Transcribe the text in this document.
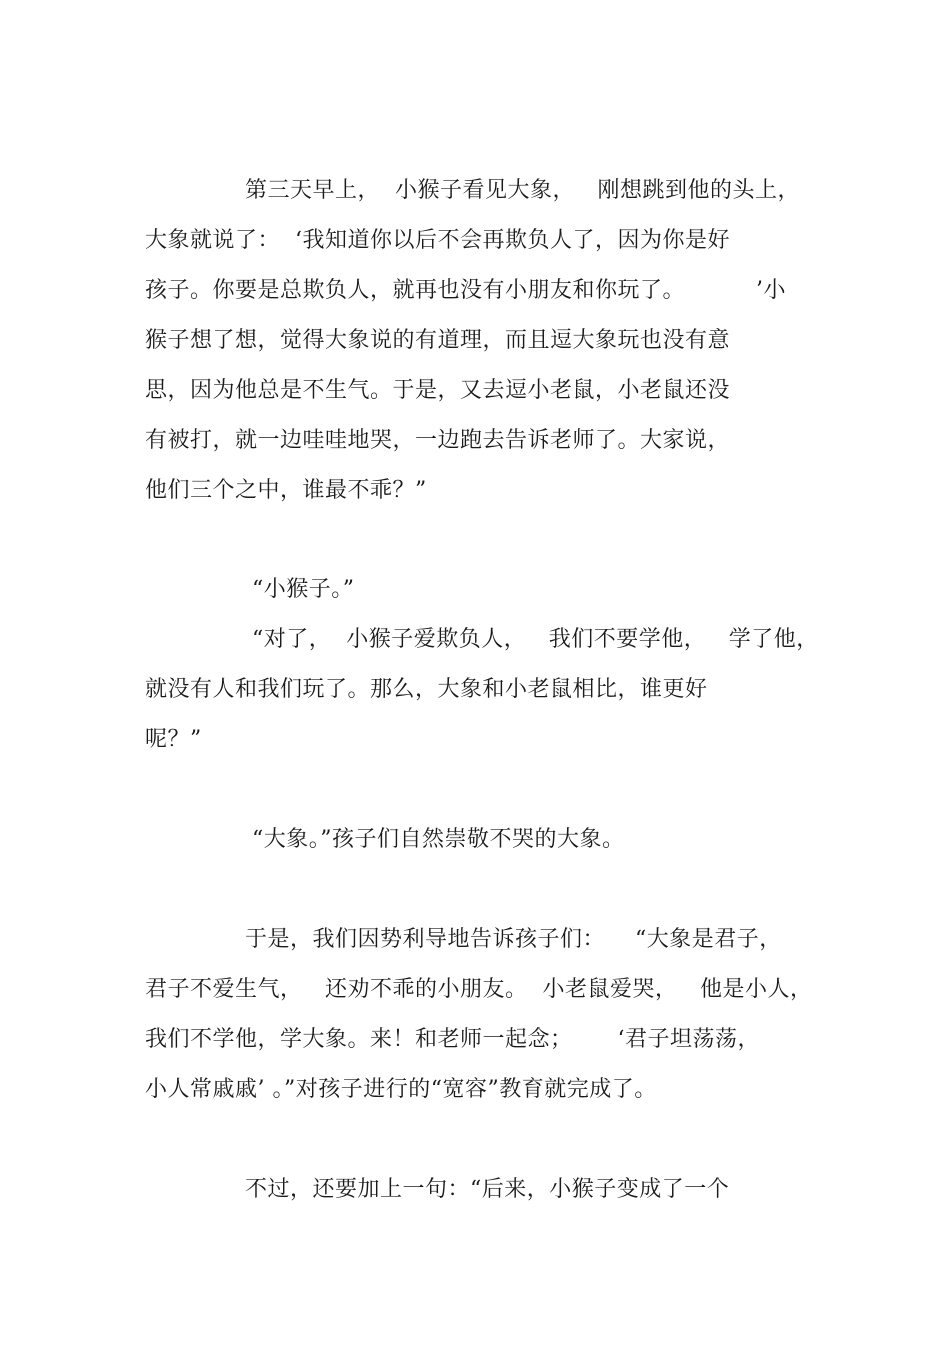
第三天早上，  小猴子看见大象，   刚想跳到他的头上，
大象就说了：  ‘我知道你以后不会再欺负人了，因为你是好
孩子。你要是总欺负人，就再也没有小朋友和你玩了。	’小
猴子想了想，觉得大象说的有道理，而且逗大象玩也没有意
思，因为他总是不生气。于是，又去逗小老鼠，小老鼠还没
有被打，就一边哇哇地哭，一边跑去告诉老师了。大家说，
他们三个之中，谁最不乖？”
“小猴子。”
“对了，  小猴子爱欺负人，   我们不要学他，   学了他，
就没有人和我们玩了。那么，大象和小老鼠相比，谁更好
呢？”
“大象。”孩子们自然崇敬不哭的大象。
于是，我们因势利导地告诉孩子们：    “大象是君子，
君子不爱生气，   还劝不乖的小朋友。  小老鼠爱哭，   他是小人，
我们不学他，学大象。来！和老师一起念；      ‘君子坦荡荡，
小人常戚戚’ 。”对孩子进行的“宽容”教育就完成了。
不过，还要加上一句：“后来，小猴子变成了一个
